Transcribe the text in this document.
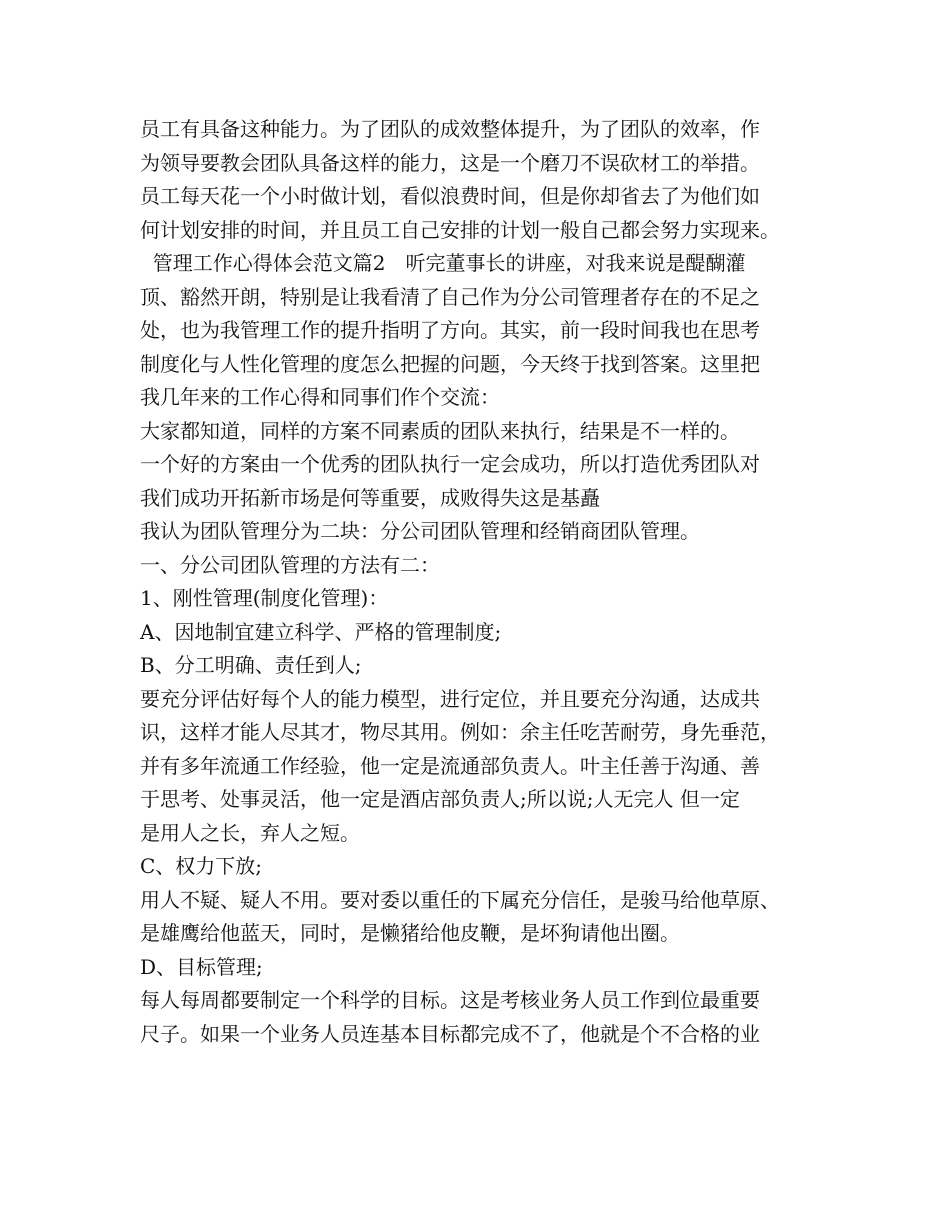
员工有具备这种能力。为了团队的成效整体提升，为了团队的效率，作
为领导要教会团队具备这样的能力，这是一个磨刀不误砍材工的举措。
员工每天花一个小时做计划，看似浪费时间，但是你却省去了为他们如
何计划安排的时间，并且员工自己安排的计划一般自己都会努力实现来。
管理工作心得体会范文篇2　听完董事长的讲座，对我来说是醍醐灌
顶、豁然开朗，特别是让我看清了自己作为分公司管理者存在的不足之
处，也为我管理工作的提升指明了方向。其实，前一段时间我也在思考
制度化与人性化管理的度怎么把握的问题，今天终于找到答案。这里把
我几年来的工作心得和同事们作个交流：
大家都知道，同样的方案不同素质的团队来执行，结果是不一样的。
一个好的方案由一个优秀的团队执行一定会成功，所以打造优秀团队对
我们成功开拓新市场是何等重要，成败得失这是基矗
我认为团队管理分为二块：分公司团队管理和经销商团队管理。
一、分公司团队管理的方法有二：
1、刚性管理(制度化管理)：
A、因地制宜建立科学、严格的管理制度;
B、分工明确、责任到人;
要充分评估好每个人的能力模型，进行定位，并且要充分沟通，达成共
识，这样才能人尽其才，物尽其用。例如：余主任吃苦耐劳，身先垂范，
并有多年流通工作经验，他一定是流通部负责人。叶主任善于沟通、善
于思考、处事灵活，他一定是酒店部负责人;所以说;人无完人 但一定
是用人之长，弃人之短。
C、权力下放;
用人不疑、疑人不用。要对委以重任的下属充分信任，是骏马给他草原、
是雄鹰给他蓝天，同时，是懒猪给他皮鞭，是坏狗请他出圈。
D、目标管理;
每人每周都要制定一个科学的目标。这是考核业务人员工作到位最重要
尺子。如果一个业务人员连基本目标都完成不了，他就是个不合格的业
